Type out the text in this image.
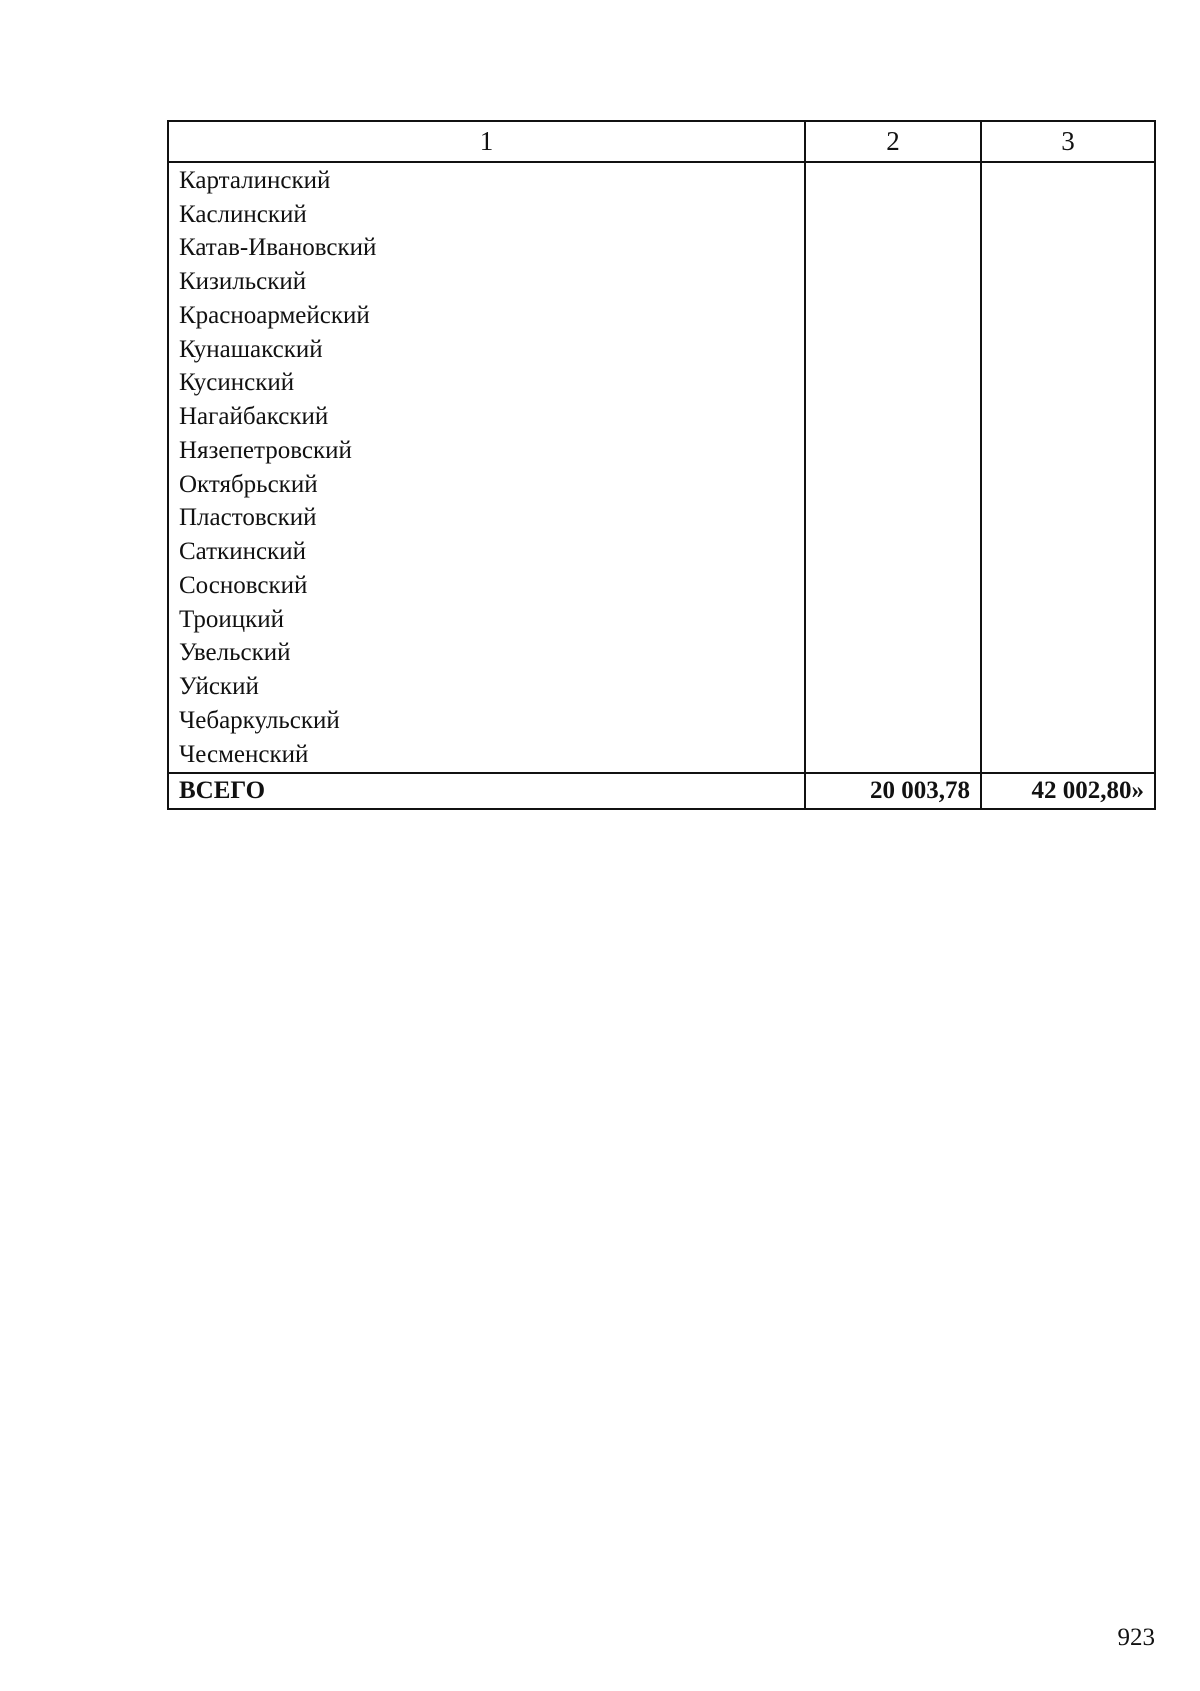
1	2	3
Карталинский		
Каслинский		
Катав-Ивановский		
Кизильский		
Красноармейский		
Кунашакский		
Кусинский		
Нагайбакский		
Нязепетровский		
Октябрьский		
Пластовский		
Саткинский		
Сосновский		
Троицкий		
Увельский		
Уйский		
Чебаркульский		
Чесменский		
ВСЕГО	20 003,78	42 002,80»
923
